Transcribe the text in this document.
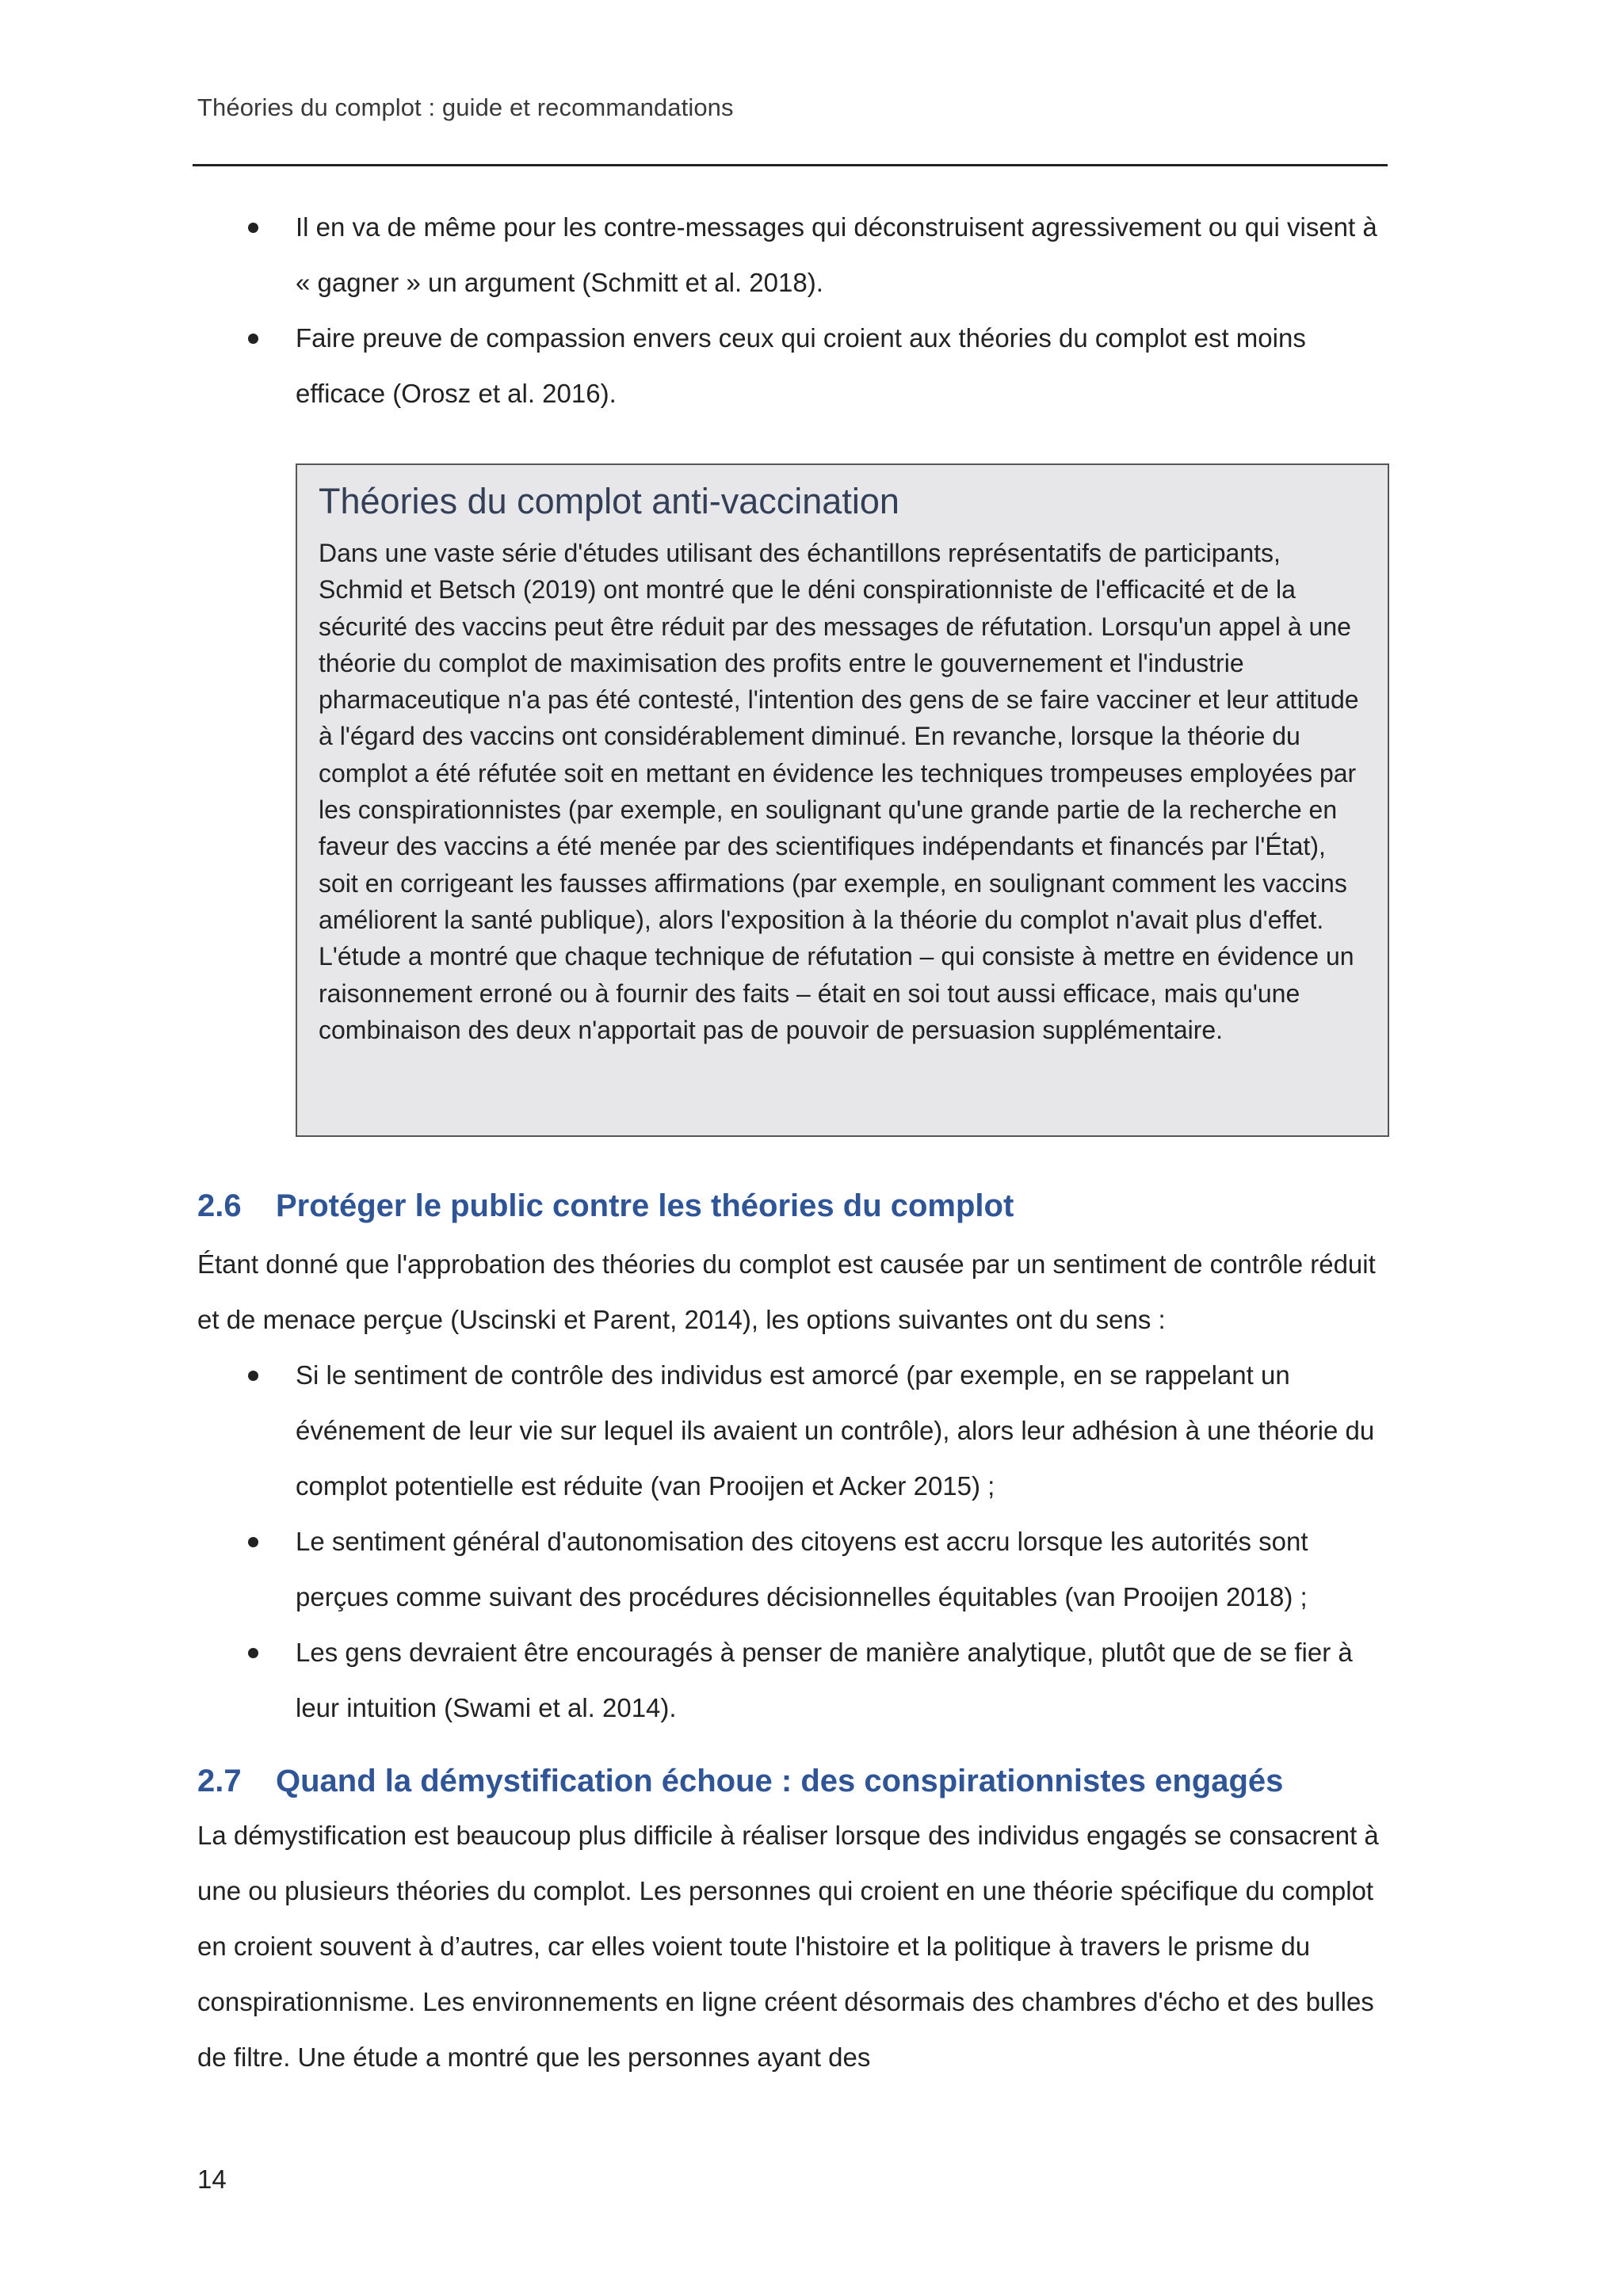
Théories du complot : guide et recommandations
Il en va de même pour les contre-messages qui déconstruisent agressivement ou qui visent à « gagner » un argument (Schmitt et al. 2018).
Faire preuve de compassion envers ceux qui croient aux théories du complot est moins efficace (Orosz et al. 2016).
Théories du complot anti-vaccination

Dans une vaste série d'études utilisant des échantillons représentatifs de participants, Schmid et Betsch (2019) ont montré que le déni conspirationniste de l'efficacité et de la sécurité des vaccins peut être réduit par des messages de réfutation. Lorsqu'un appel à une théorie du complot de maximisation des profits entre le gouvernement et l'industrie pharmaceutique n'a pas été contesté, l'intention des gens de se faire vacciner et leur attitude à l'égard des vaccins ont considérablement diminué. En revanche, lorsque la théorie du complot a été réfutée soit en mettant en évidence les techniques trompeuses employées par les conspirationnistes (par exemple, en soulignant qu'une grande partie de la recherche en faveur des vaccins a été menée par des scientifiques indépendants et financés par l'État), soit en corrigeant les fausses affirmations (par exemple, en soulignant comment les vaccins améliorent la santé publique), alors l'exposition à la théorie du complot n'avait plus d'effet. L'étude a montré que chaque technique de réfutation – qui consiste à mettre en évidence un raisonnement erroné ou à fournir des faits – était en soi tout aussi efficace, mais qu'une combinaison des deux n'apportait pas de pouvoir de persuasion supplémentaire.

2.6 Protéger le public contre les théories du complot

Étant donné que l'approbation des théories du complot est causée par un sentiment de contrôle réduit et de menace perçue (Uscinski et Parent, 2014), les options suivantes ont du sens :

Si le sentiment de contrôle des individus est amorcé (par exemple, en se rappelant un événement de leur vie sur lequel ils avaient un contrôle), alors leur adhésion à une théorie du complot potentielle est réduite (van Prooijen et Acker 2015) ;
Le sentiment général d'autonomisation des citoyens est accru lorsque les autorités sont perçues comme suivant des procédures décisionnelles équitables (van Prooijen 2018) ;
Les gens devraient être encouragés à penser de manière analytique, plutôt que de se fier à leur intuition (Swami et al. 2014).
2.7 Quand la démystification échoue : des conspirationnistes engagés

La démystification est beaucoup plus difficile à réaliser lorsque des individus engagés se consacrent à une ou plusieurs théories du complot. Les personnes qui croient en une théorie spécifique du complot en croient souvent à d’autres, car elles voient toute l'histoire et la politique à travers le prisme du conspirationnisme. Les environnements en ligne créent désormais des chambres d'écho et des bulles de filtre. Une étude a montré que les personnes ayant des

14
